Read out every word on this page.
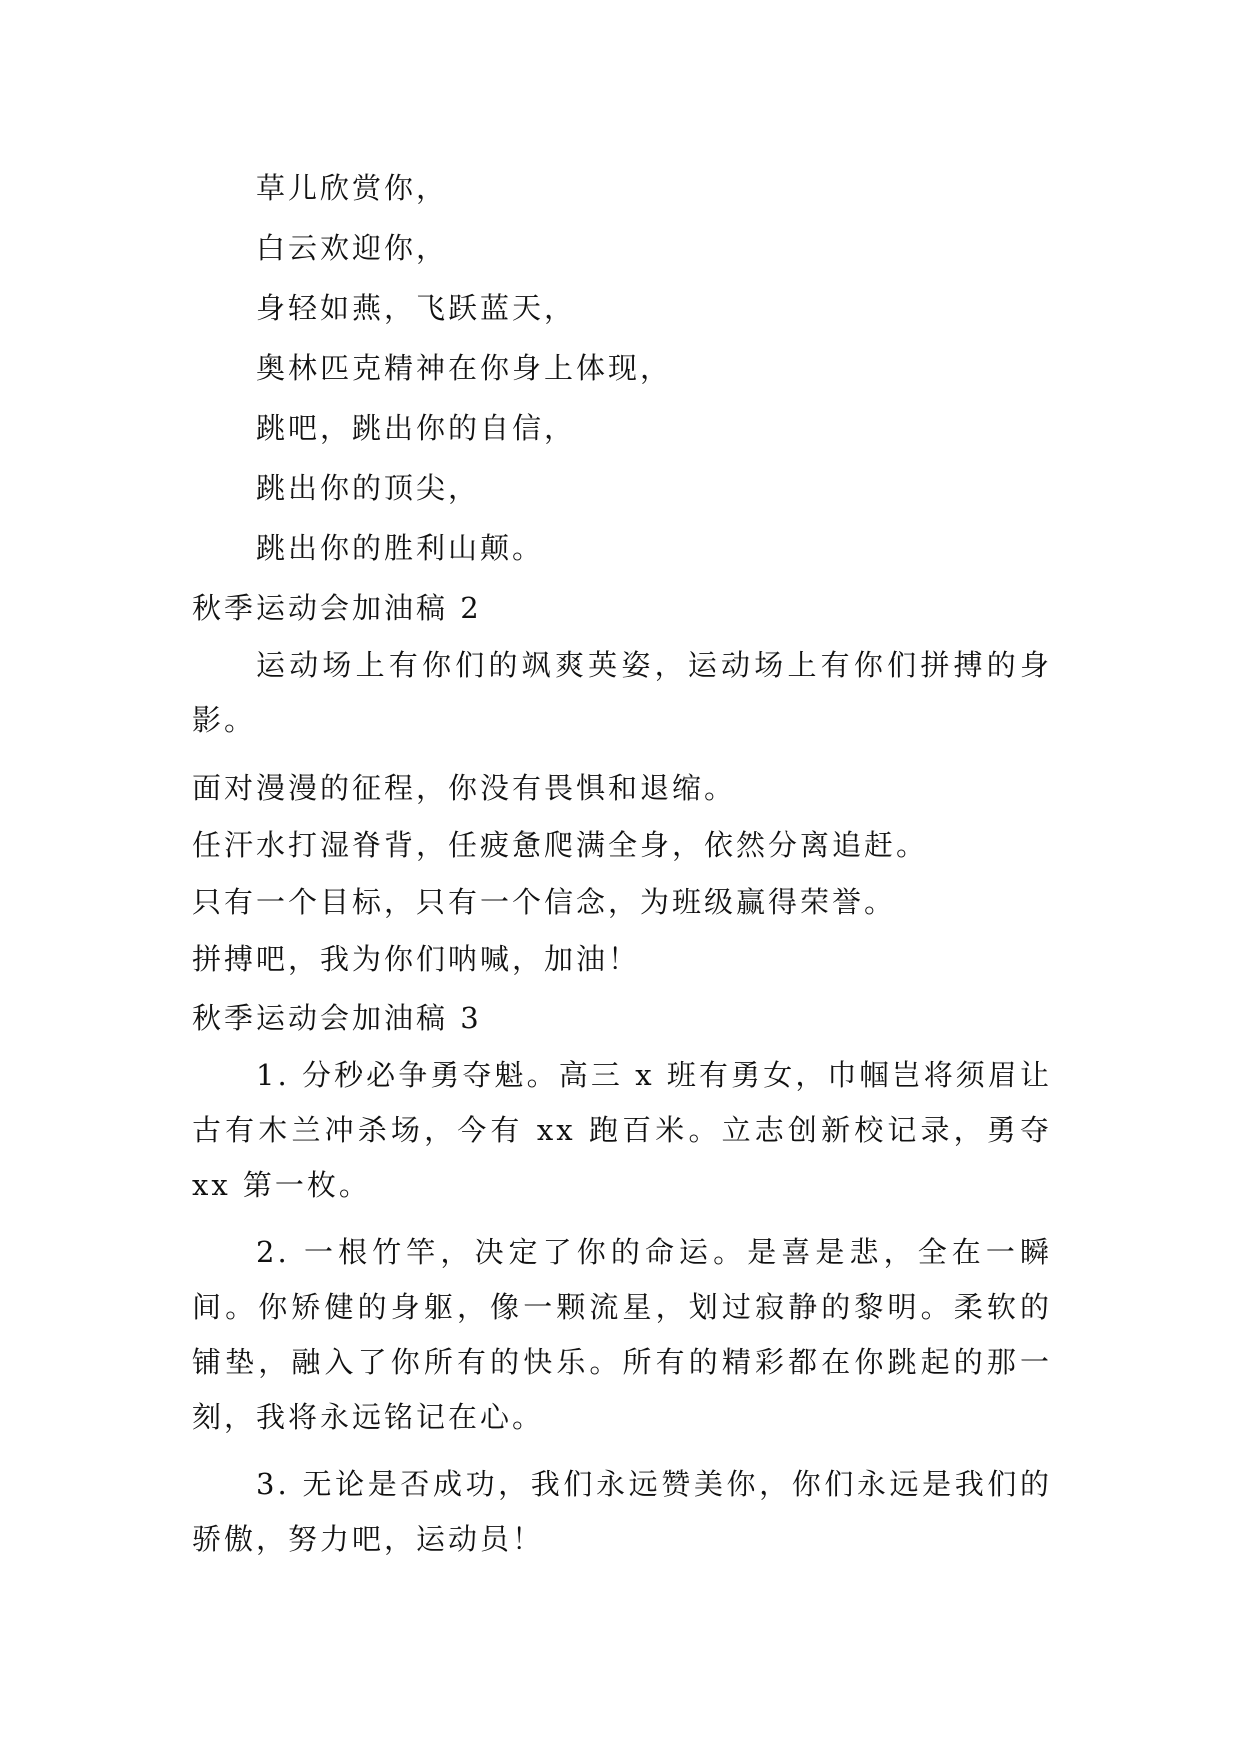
草儿欣赏你，

白云欢迎你，

身轻如燕，飞跃蓝天，

奥林匹克精神在你身上体现，

跳吧，跳出你的自信，

跳出你的顶尖，

跳出你的胜利山颠。

秋季运动会加油稿 2

运动场上有你们的飒爽英姿，运动场上有你们拼搏的身影。

面对漫漫的征程，你没有畏惧和退缩。

任汗水打湿脊背，任疲惫爬满全身，依然分离追赶。

只有一个目标，只有一个信念，为班级赢得荣誉。

拼搏吧，我为你们呐喊，加油！

秋季运动会加油稿 3

1. 分秒必争勇夺魁。高三 x 班有勇女，巾帼岂将须眉让古有木兰冲杀场，今有 xx 跑百米。立志创新校记录，勇夺 xx 第一枚。

2. 一根竹竿，决定了你的命运。是喜是悲，全在一瞬间。你矫健的身躯，像一颗流星，划过寂静的黎明。柔软的铺垫，融入了你所有的快乐。所有的精彩都在你跳起的那一刻，我将永远铭记在心。

3. 无论是否成功，我们永远赞美你，你们永远是我们的骄傲，努力吧，运动员！
